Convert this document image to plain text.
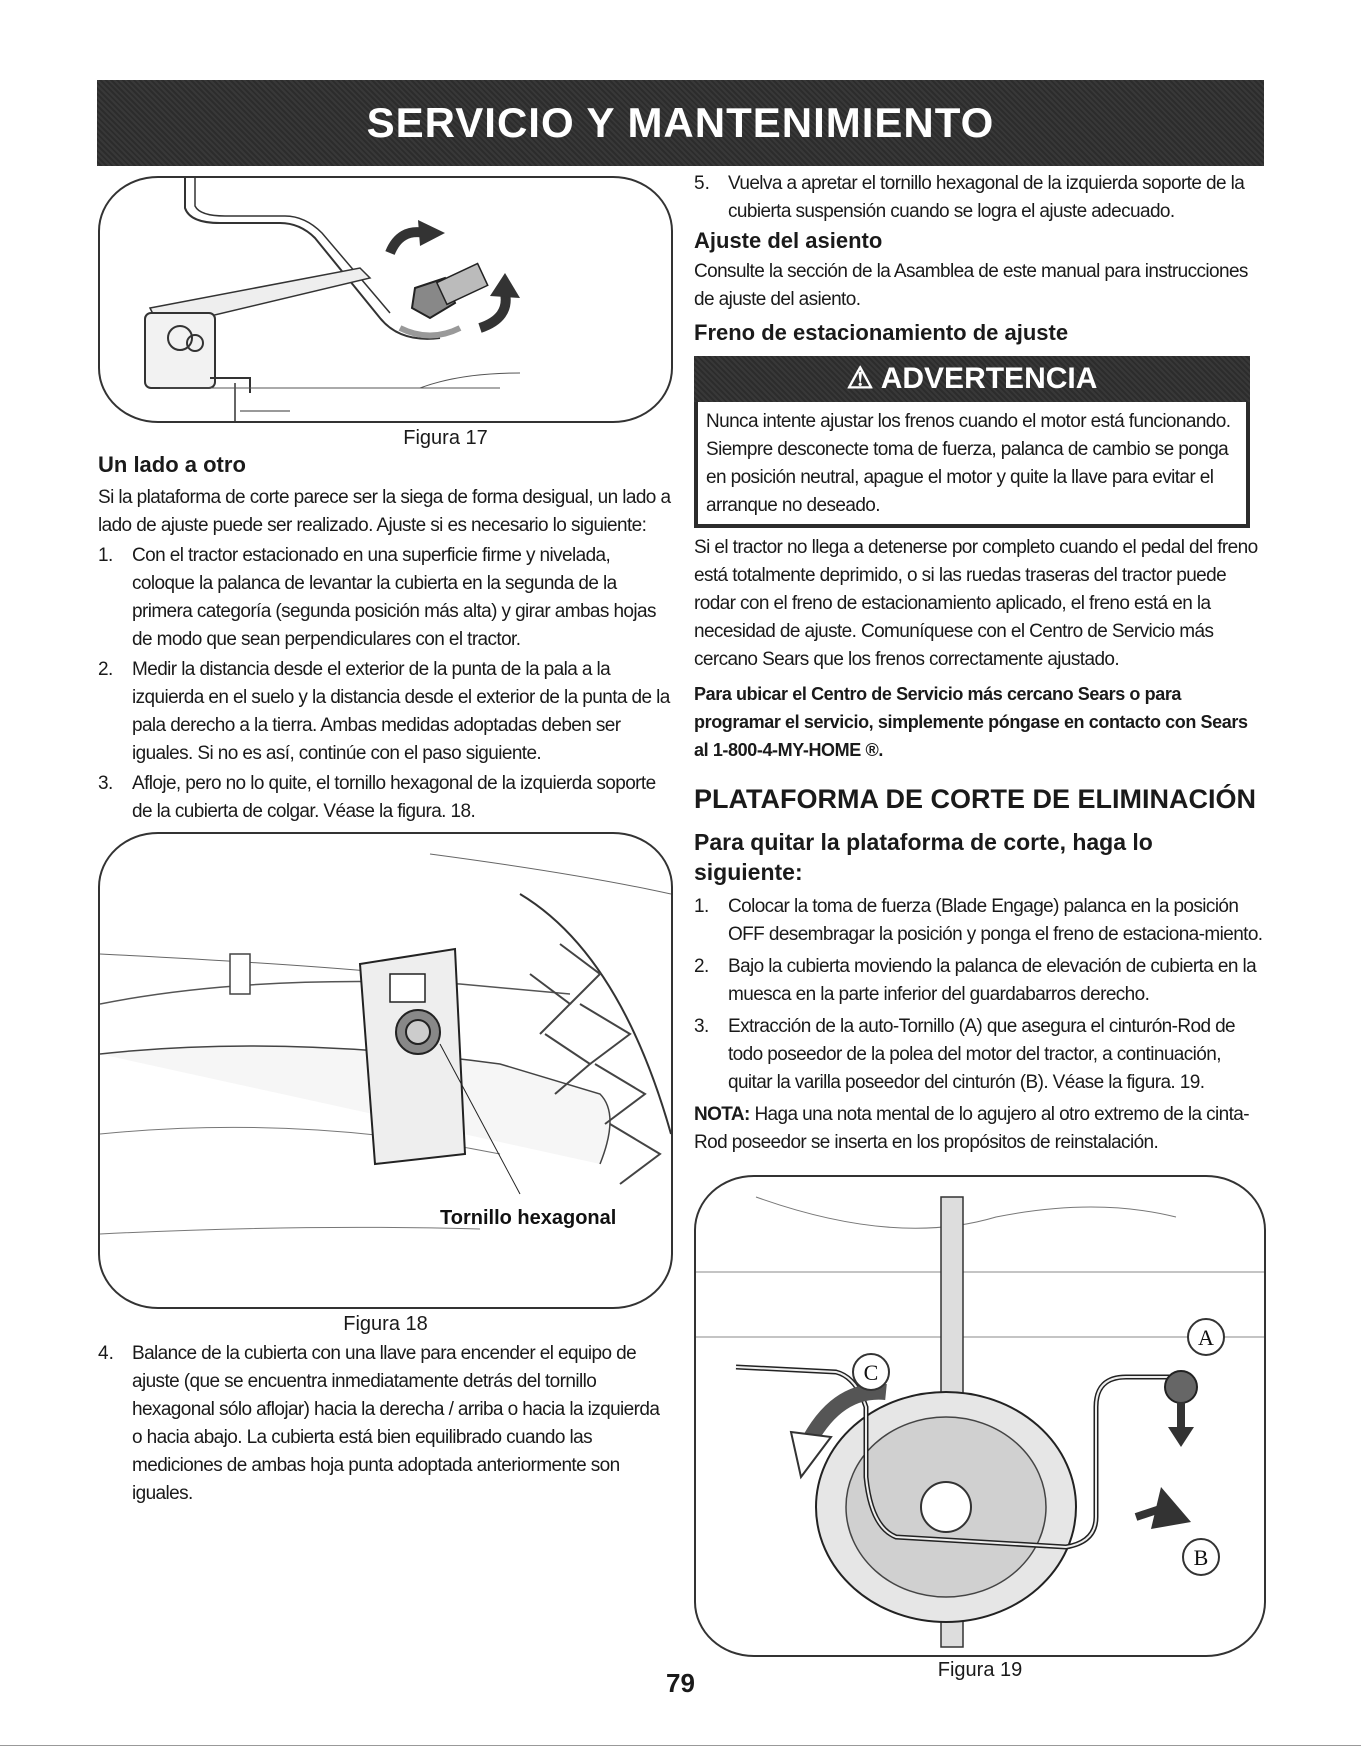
SERVICIO Y MANTENIMIENTO
Figura 17
Un lado a otro

Si la plataforma de corte parece ser la siega de forma desigual, un lado a lado de ajuste puede ser realizado. Ajuste si es necesario lo siguiente:

1.	Con el tractor estacionado en una superficie firme y nivelada, coloque la palanca de levantar la cubierta en la segunda de la primera categoría (segunda posición más alta) y girar ambas hojas de modo que sean perpendiculares con el tractor.
2.	Medir la distancia desde el exterior de la punta de la pala a la izquierda en el suelo y la distancia desde el exterior de la punta de la pala derecho a la tierra. Ambas medidas adoptadas deben ser iguales. Si no es así, continúe con el paso siguiente.
3.	Afloje, pero no lo quite, el tornillo hexagonal de la izquierda soporte de la cubierta de colgar. Véase la figura. 18.
Tornillo hexagonal
Figura 18
4. Balance de la cubierta con una llave para encender el equipo de ajuste (que se encuentra inmediatamente detrás del tornillo hexagonal sólo aflojar) hacia la derecha / arriba o hacia la izquierda o hacia abajo. La cubierta está bien equilibrado cuando las mediciones de ambas hoja punta adoptada anteriormente son iguales.

5. Vuelva a apretar el tornillo hexagonal de la izquierda soporte de la cubierta suspensión cuando se logra el ajuste adecuado.

Ajuste del asiento

Consulte la sección de la Asamblea de este manual para instrucciones de ajuste del asiento.

Freno de estacionamiento de ajuste
⚠ ADVERTENCIA

Nunca intente ajustar los frenos cuando el motor está funcionando. Siempre desconecte toma de fuerza, palanca de cambio se ponga en posición neutral, apague el motor y quite la llave para evitar el arranque no deseado.

Si el tractor no llega a detenerse por completo cuando el pedal del freno está totalmente deprimido, o si las ruedas traseras del tractor puede rodar con el freno de estacionamiento aplicado, el freno está en la necesidad de ajuste. Comuníquese con el Centro de Servicio más cercano Sears que los frenos correctamente ajustado.

Para ubicar el Centro de Servicio más cercano Sears o para programar el servicio, simplemente póngase en contacto con Sears al 1-800-4-MY-HOME ®.

PLATAFORMA DE CORTE DE ELIMINACIÓN
Para quitar la plataforma de corte, haga lo siguiente:
1.	Colocar la toma de fuerza (Blade Engage) palanca en la posición OFF desembragar la posición y ponga el freno de estaciona-miento.
2.	Bajo la cubierta moviendo la palanca de elevación de cubierta en la muesca en la parte inferior del guardabarros derecho.
3.	Extracción de la auto-Tornillo (A) que asegura el cinturón-Rod de todo poseedor de la polea del motor del tractor, a continuación, quitar la varilla poseedor del cinturón (B). Véase la figura. 19.

NOTA: Haga una nota mental de lo agujero al otro extremo de la cinta-Rod poseedor se inserta en los propósitos de reinstalación.

A
B
C
Figura 19
79
